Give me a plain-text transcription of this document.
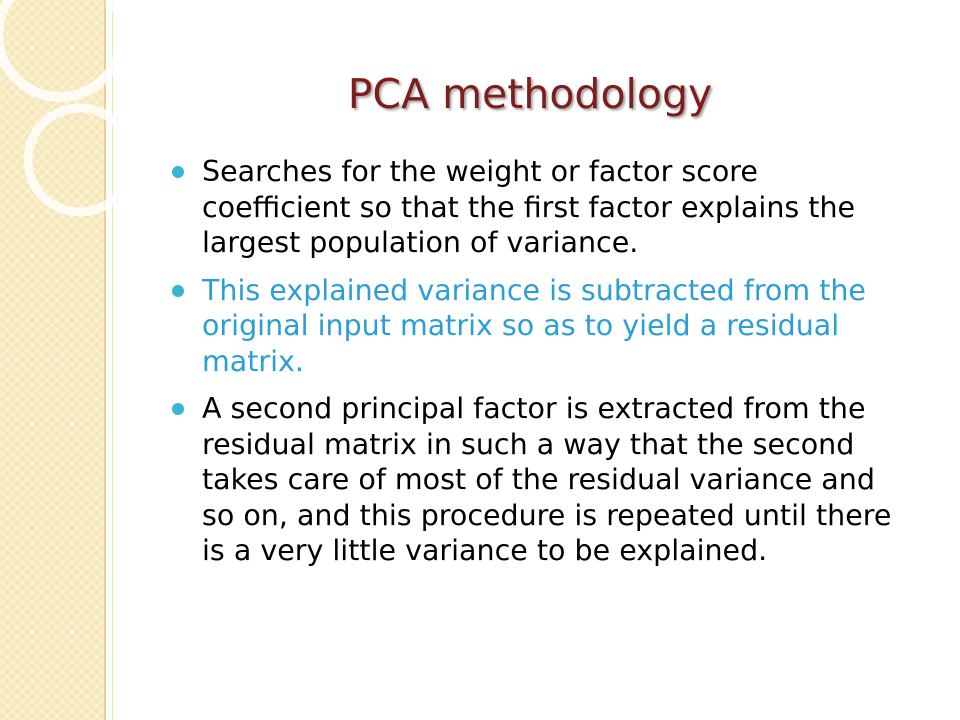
PCA methodology
Searches for the weight or factor score coefficient so that the first factor explains the largest population of variance.
This explained variance is subtracted from the original input matrix so as to yield a residual matrix.
A second principal factor is extracted from the residual matrix in such a way that the second takes care of most of the residual variance and so on, and this procedure is repeated until there is a very little variance to be explained.
